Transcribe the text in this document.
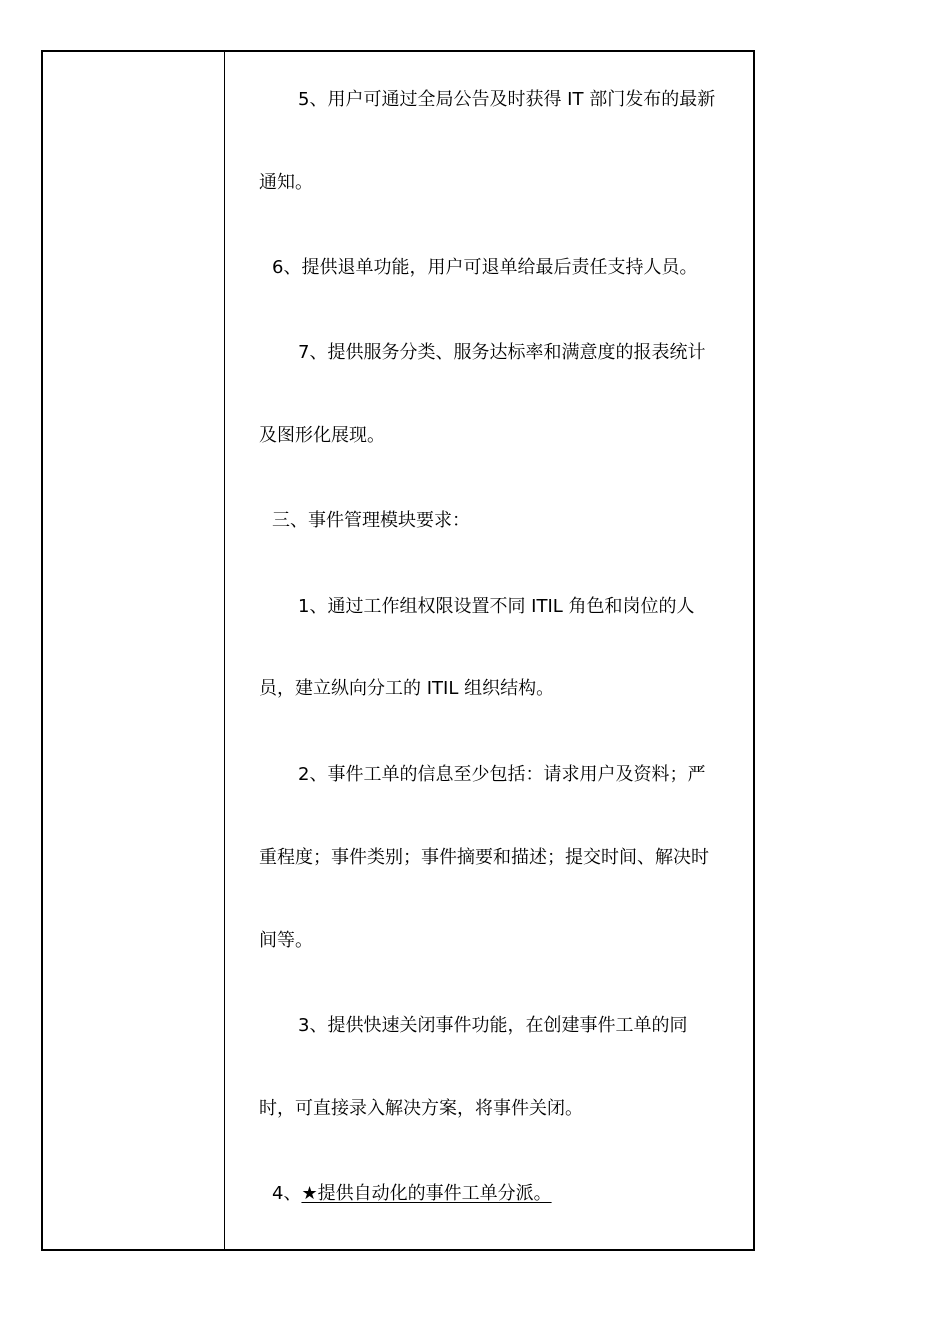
5、用户可通过全局公告及时获得 IT 部门发布的最新
通知。
6、提供退单功能，用户可退单给最后责任支持人员。
7、提供服务分类、服务达标率和满意度的报表统计
及图形化展现。
三、事件管理模块要求：
1、通过工作组权限设置不同 ITIL 角色和岗位的人
员，建立纵向分工的 ITIL 组织结构。
2、事件工单的信息至少包括：请求用户及资料；严
重程度；事件类别；事件摘要和描述；提交时间、解决时
间等。
3、提供快速关闭事件功能，在创建事件工单的同
时，可直接录入解决方案，将事件关闭。
4、★提供自动化的事件工单分派。
